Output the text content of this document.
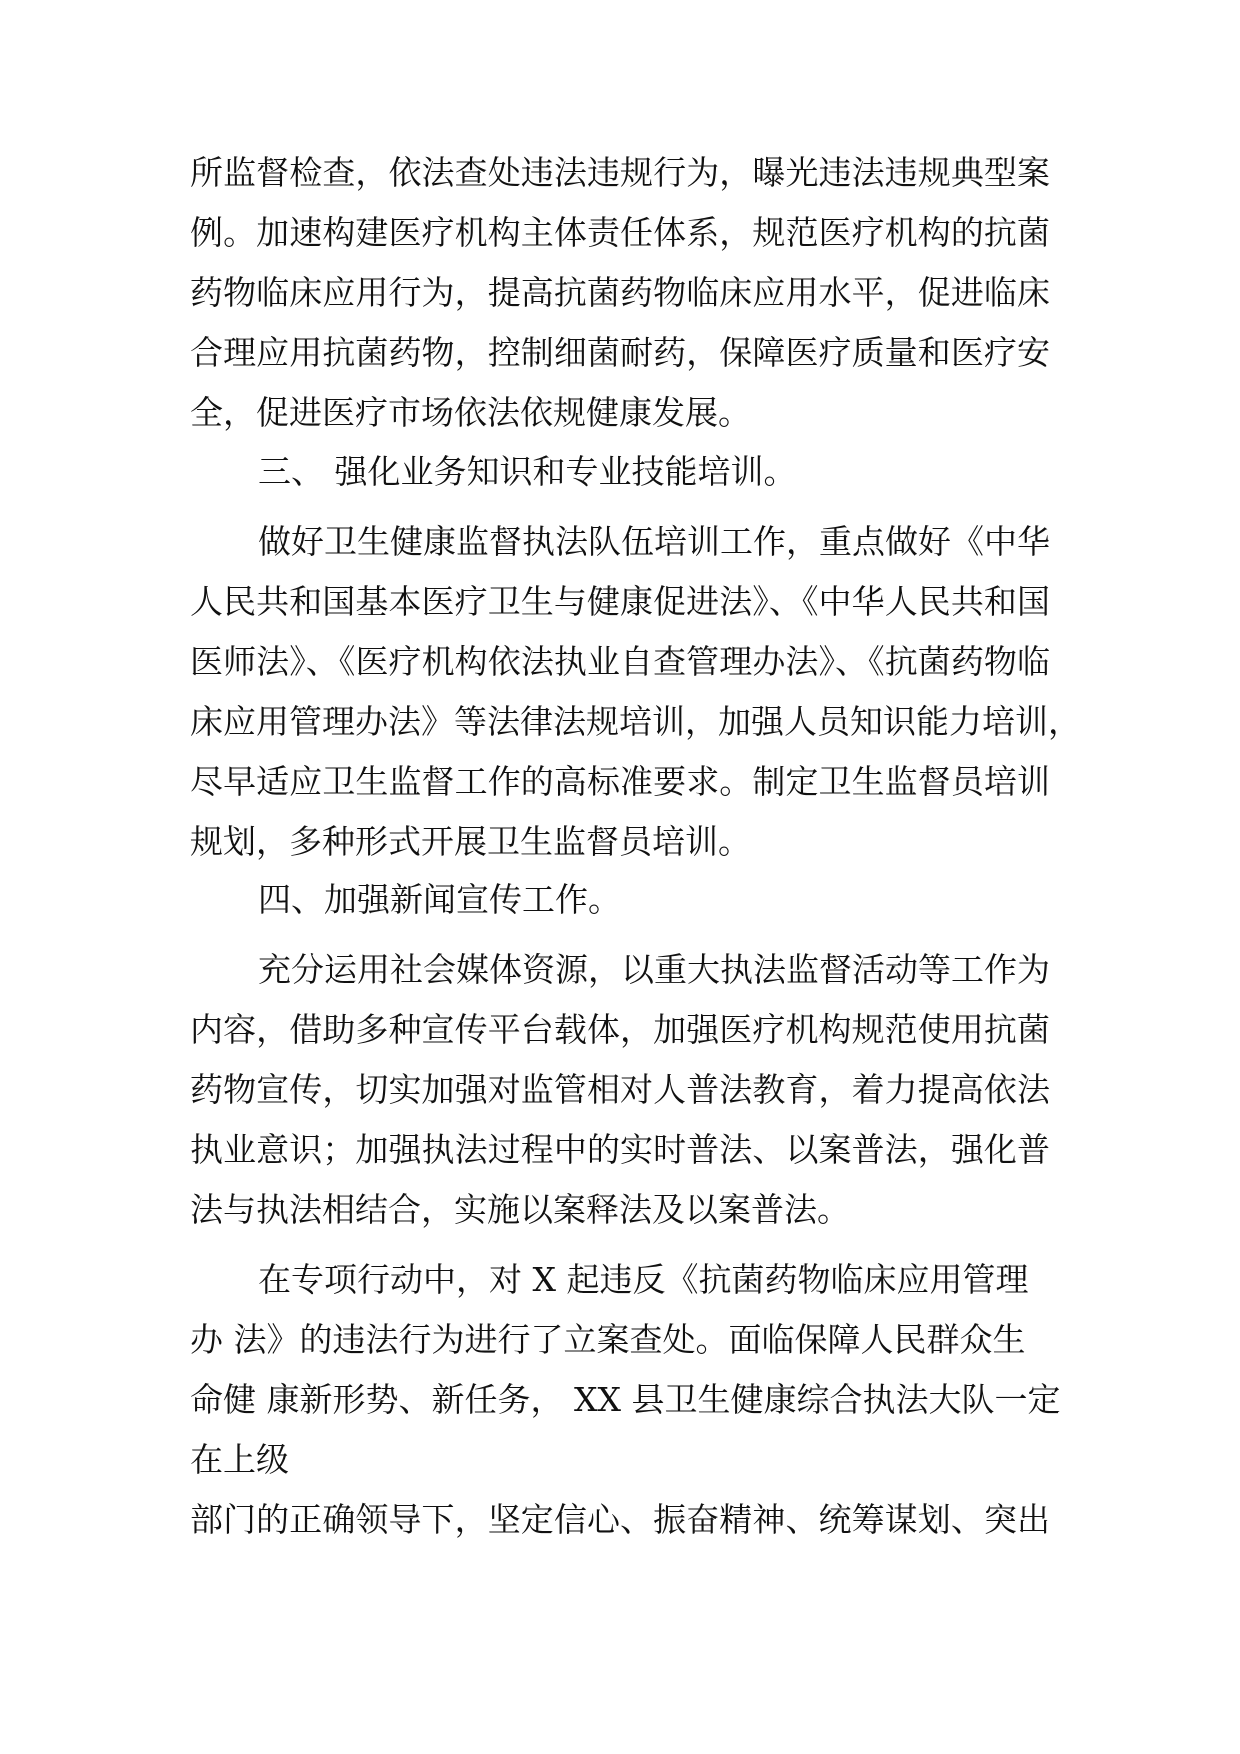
所监督检查，依法查处违法违规行为，曝光违法违规典型案
例。加速构建医疗机构主体责任体系，规范医疗机构的抗菌
药物临床应用行为，提高抗菌药物临床应用水平，促进临床
合理应用抗菌药物，控制细菌耐药，保障医疗质量和医疗安
全，促进医疗市场依法依规健康发展。
三、 强化业务知识和专业技能培训。
做好卫生健康监督执法队伍培训工作，重点做好《中华
人民共和国基本医疗卫生与健康促进法》、《中华人民共和国
医师法》、《医疗机构依法执业自查管理办法》、《抗菌药物临
床应用管理办法》等法律法规培训，加强人员知识能力培训，
尽早适应卫生监督工作的高标准要求。制定卫生监督员培训
规划，多种形式开展卫生监督员培训。
四、加强新闻宣传工作。
充分运用社会媒体资源，以重大执法监督活动等工作为
内容，借助多种宣传平台载体，加强医疗机构规范使用抗菌
药物宣传，切实加强对监管相对人普法教育，着力提高依法
执业意识；加强执法过程中的实时普法、以案普法，强化普
法与执法相结合，实施以案释法及以案普法。
在专项行动中，对 X 起违反《抗菌药物临床应用管理
办 法》的违法行为进行了立案查处。面临保障人民群众生
命健 康新形势、新任务， XX 县卫生健康综合执法大队一定
在上级
部门的正确领导下，坚定信心、振奋精神、统筹谋划、突出
